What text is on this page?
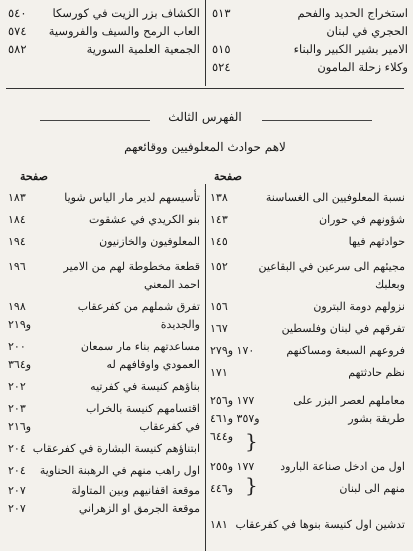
استخراج الحديد والفحم
٥١٣
الحجري في لبنان
الامير بشير الكبير والبناء
٥١٥
وكلاء زحلة المامون
٥٢٤
الكشاف بزر الزيت في كورسكا
٥٤٠
العاب الرمح والسيف والفروسية
٥٧٤
الجمعية العلمية السورية
٥٨٢
الفهرس الثالث
لاهم حوادث المعلوفيين ووقائعهم
صفحة	صفحة
نسبة المعلوفيين الى الغساسنة
١٣٨
شؤونهم في حوران
١٤٣
حوادثهم فيها
١٤٥
مجيئهم الى سرعين في البقاعين
١٥٢
وبعلبك
نزولهم دومة البترون
١٥٦
تفرقهم في لبنان وفلسطين
١٦٧
فروعهم السبعة ومساكنهم
١٧٠ و٢٧٩
نظم حادثتهم
١٧١
معاملهم لعصر البزر على
١٧٧ و٢٥٦
طريقة بشور
و٣٥٧ و٤٦١
و٦٤٤
اول من ادخل صناعة البارود
١٧٧ و٢٥٥
منهم الى لبنان
و٤٤٦
تدشين اول كنيسة بنوها في كفرعقاب
١٨١
تأسيسهم لدير مار الياس شويا
١٨٣
بنو الكريدي في عشقوت
١٨٤
المعلوفيون والخازنيون
١٩٤
قطعة مخطوطة لهم من الامير
١٩٦
احمد المعني
تفرق شملهم من كفرعقاب
١٩٨
والجديدة
و٢١٩
مساعدتهم بناء مار سمعان
٢٠٠
العمودي واوقافهم له
و٣٦٤
بناؤهم كنيسة في كفرتيه
٢٠٢
اقتسامهم كنيسة بالخراب
٢٠٣
في كفرعقاب
و٢١٦
ابتناؤهم كنيسة البشارة في كفرعقاب
٢٠٤
اول راهب منهم في الرهبنة الحناوية
٢٠٤
موقعة اقفانيهم وبين المتاولة
٢٠٧
موقعة الجرمق او الزهراني
٢٠٧
}
}
